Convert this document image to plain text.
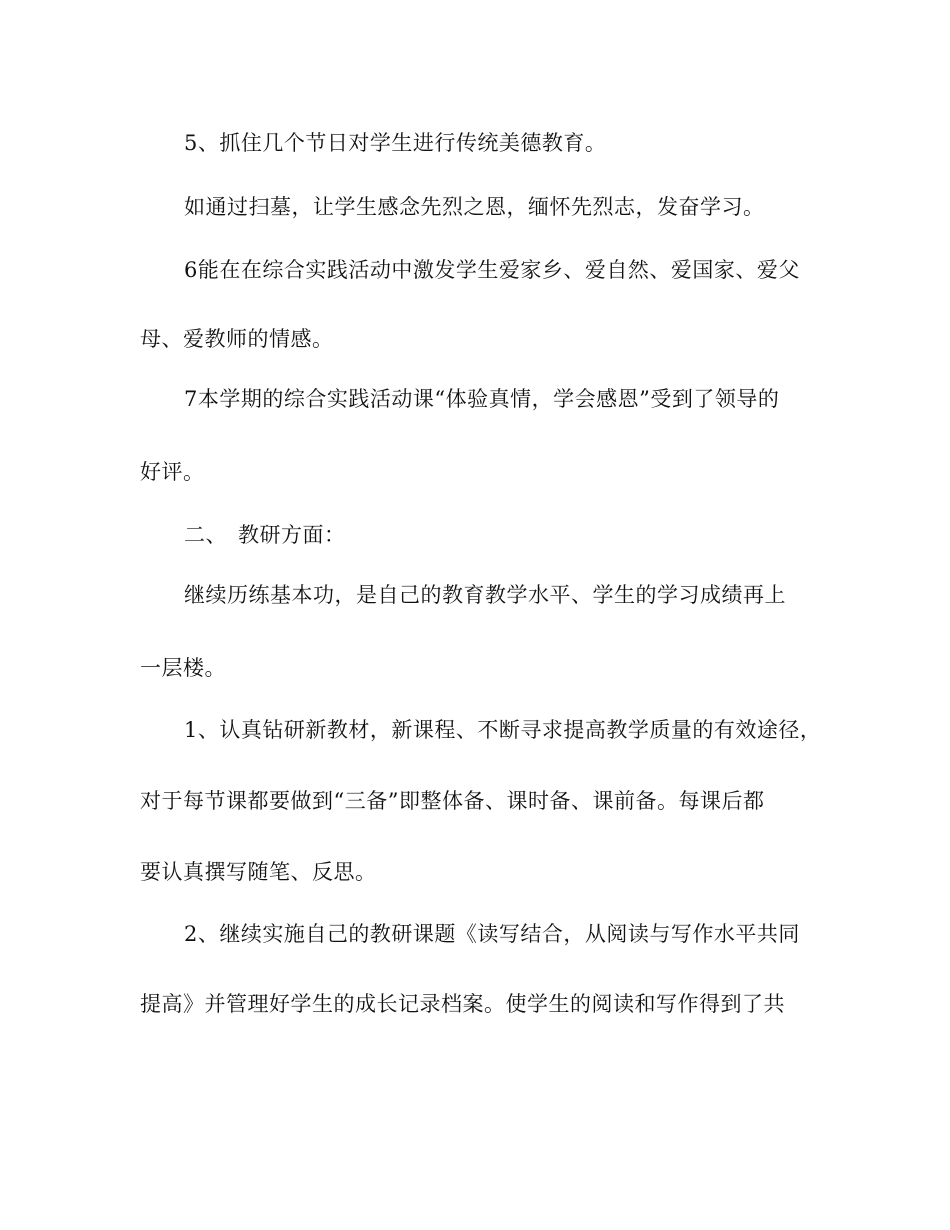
5、抓住几个节日对学生进行传统美德教育。
如通过扫墓，让学生感念先烈之恩，缅怀先烈志，发奋学习。
6能在在综合实践活动中激发学生爱家乡、爱自然、爱国家、爱父
母、爱教师的情感。
7本学期的综合实践活动课“体验真情，学会感恩”受到了领导的
好评。
二、　教研方面：
继续历练基本功，是自己的教育教学水平、学生的学习成绩再上
一层楼。
1、认真钻研新教材，新课程、不断寻求提高教学质量的有效途径，
对于每节课都要做到“三备”即整体备、课时备、课前备。每课后都
要认真撰写随笔、反思。
2、继续实施自己的教研课题《读写结合，从阅读与写作水平共同
提高》并管理好学生的成长记录档案。使学生的阅读和写作得到了共
